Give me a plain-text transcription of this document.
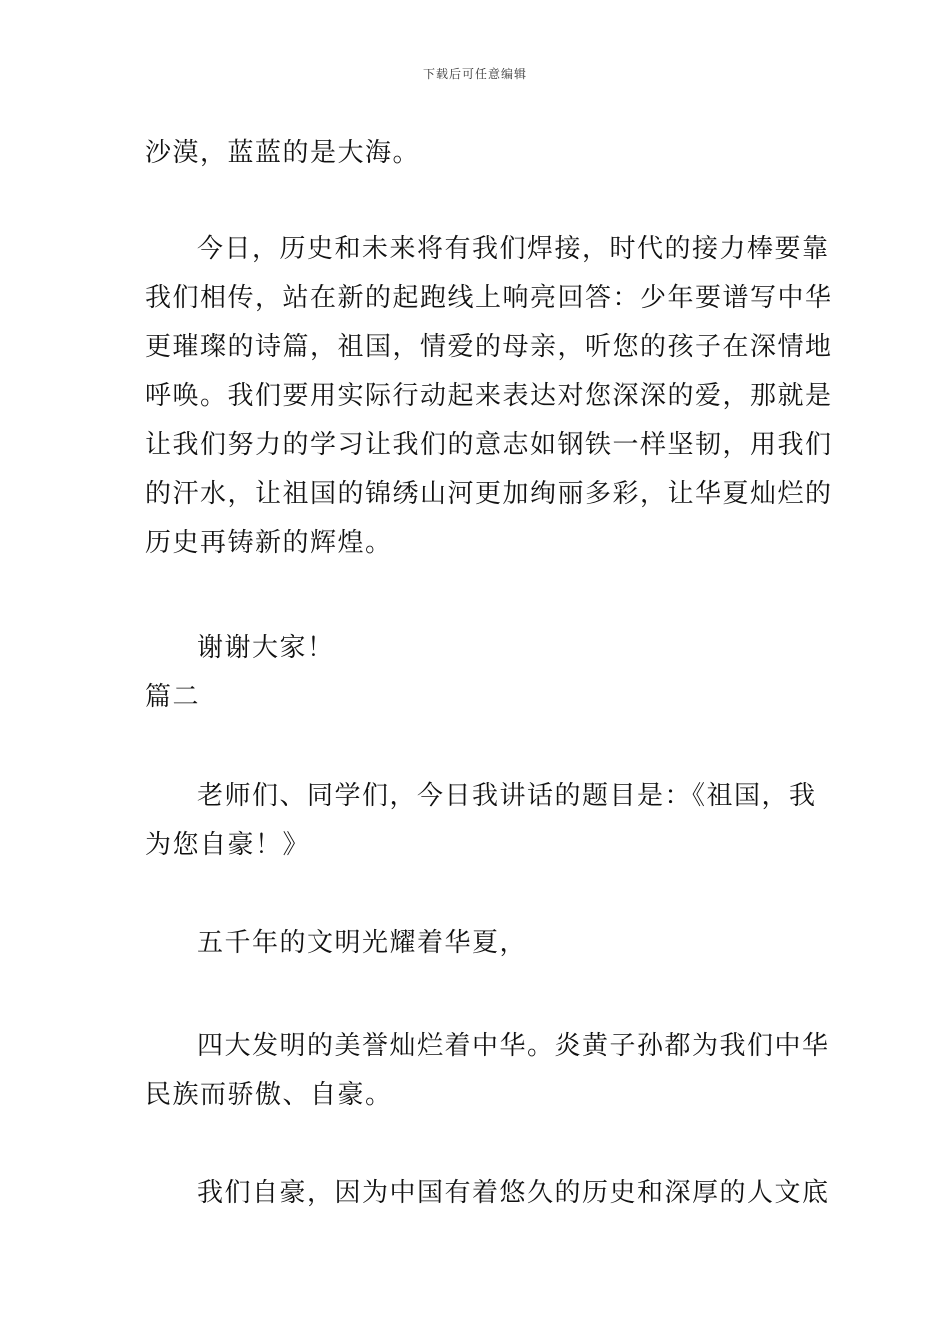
下载后可任意编辑

沙漠，蓝蓝的是大海。

今日，历史和未来将有我们焊接，时代的接力棒要靠
我们相传，站在新的起跑线上响亮回答：少年要谱写中华
更璀璨的诗篇，祖国，情爱的母亲，听您的孩子在深情地
呼唤。我们要用实际行动起来表达对您深深的爱，那就是
让我们努力的学习让我们的意志如钢铁一样坚韧，用我们
的汗水，让祖国的锦绣山河更加绚丽多彩，让华夏灿烂的
历史再铸新的辉煌。

谢谢大家！

篇二

老师们、同学们，今日我讲话的题目是：《祖国，我
为您自豪！》

五千年的文明光耀着华夏，

四大发明的美誉灿烂着中华。炎黄子孙都为我们中华
民族而骄傲、自豪。

我们自豪，因为中国有着悠久的历史和深厚的人文底
